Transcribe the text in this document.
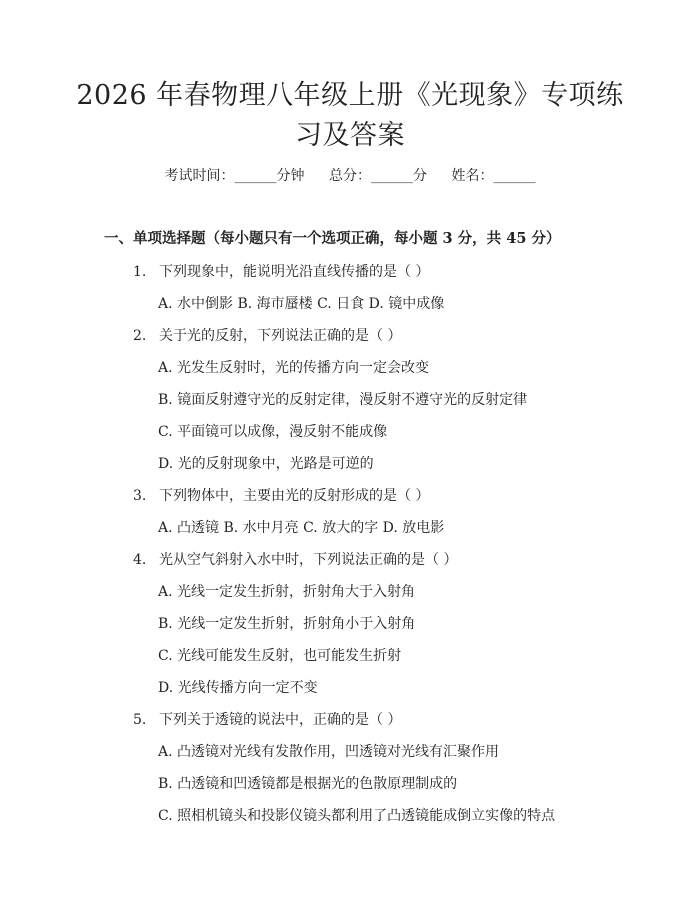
2026 年春物理八年级上册《光现象》专项练
习及答案
考试时间：______分钟 总分：______分 姓名：______
一、单项选择题（每小题只有一个选项正确，每小题 3 分，共 45 分）
1. 下列现象中，能说明光沿直线传播的是（ ）
A. 水中倒影 B. 海市蜃楼 C. 日食 D. 镜中成像
2. 关于光的反射，下列说法正确的是（ ）
A. 光发生反射时，光的传播方向一定会改变
B. 镜面反射遵守光的反射定律，漫反射不遵守光的反射定律
C. 平面镜可以成像，漫反射不能成像
D. 光的反射现象中，光路是可逆的
3. 下列物体中，主要由光的反射形成的是（ ）
A. 凸透镜 B. 水中月亮 C. 放大的字 D. 放电影
4. 光从空气斜射入水中时，下列说法正确的是（ ）
A. 光线一定发生折射，折射角大于入射角
B. 光线一定发生折射，折射角小于入射角
C. 光线可能发生反射，也可能发生折射
D. 光线传播方向一定不变
5. 下列关于透镜的说法中，正确的是（ ）
A. 凸透镜对光线有发散作用，凹透镜对光线有汇聚作用
B. 凸透镜和凹透镜都是根据光的色散原理制成的
C. 照相机镜头和投影仪镜头都利用了凸透镜能成倒立实像的特点
